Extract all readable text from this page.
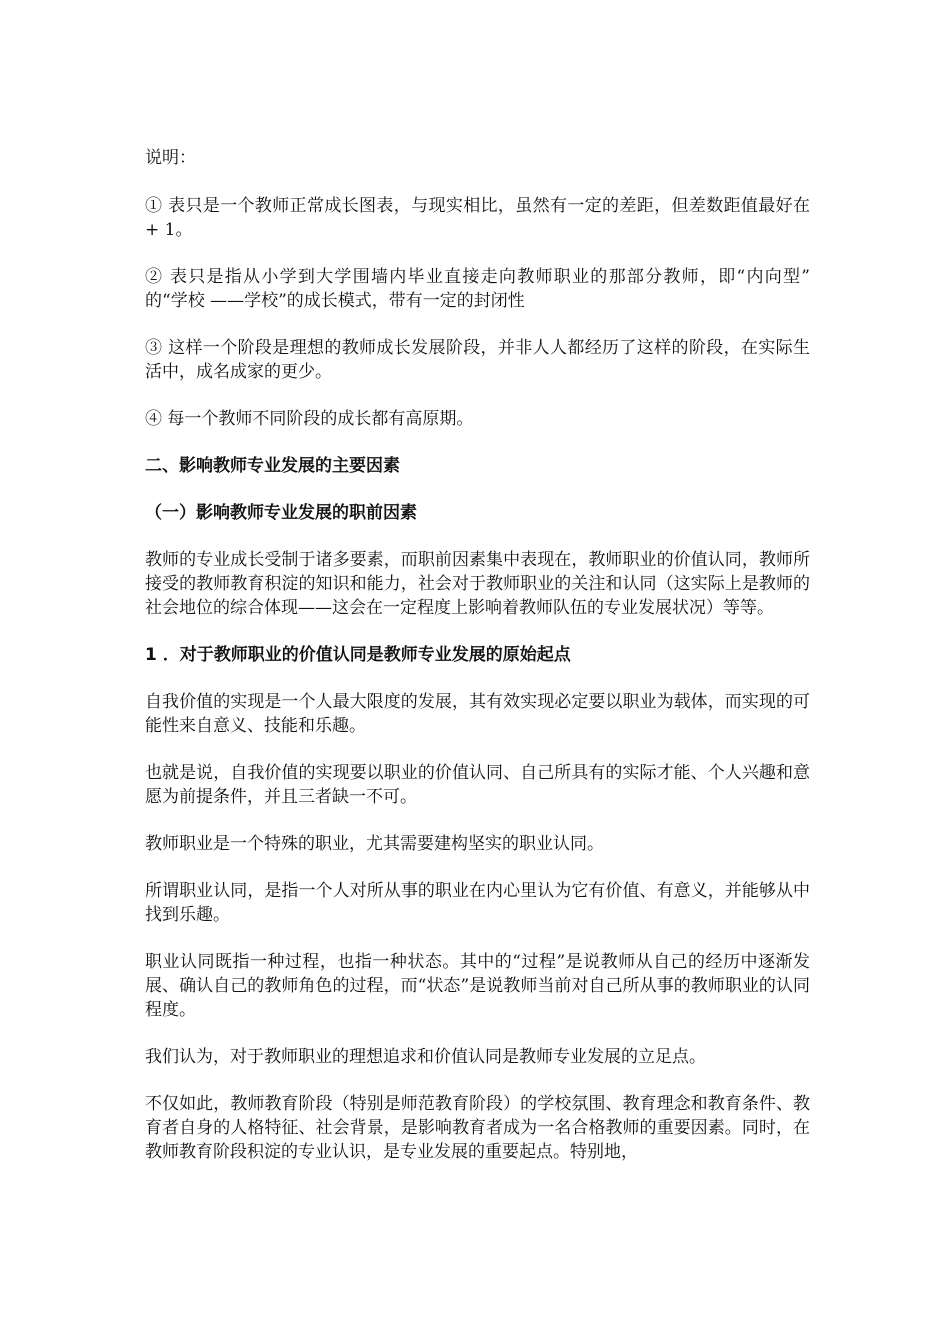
说明：

① 表只是一个教师正常成长图表，与现实相比，虽然有一定的差距，但差数距值最好在 + 1。

② 表只是指从小学到大学围墙内毕业直接走向教师职业的那部分教师，即“内向型” 的“学校 ——学校”的成长模式，带有一定的封闭性

③ 这样一个阶段是理想的教师成长发展阶段，并非人人都经历了这样的阶段，在实际生活中，成名成家的更少。

④ 每一个教师不同阶段的成长都有高原期。

二、影响教师专业发展的主要因素

（一）影响教师专业发展的职前因素

教师的专业成长受制于诸多要素，而职前因素集中表现在，教师职业的价值认同，教师所接受的教师教育积淀的知识和能力，社会对于教师职业的关注和认同（这实际上是教师的社会地位的综合体现——这会在一定程度上影响着教师队伍的专业发展状况）等等。

1 ．对于教师职业的价值认同是教师专业发展的原始起点

自我价值的实现是一个人最大限度的发展，其有效实现必定要以职业为载体，而实现的可能性来自意义、技能和乐趣。

也就是说，自我价值的实现要以职业的价值认同、自己所具有的实际才能、个人兴趣和意愿为前提条件，并且三者缺一不可。

教师职业是一个特殊的职业，尤其需要建构坚实的职业认同。

所谓职业认同，是指一个人对所从事的职业在内心里认为它有价值、有意义，并能够从中找到乐趣。

职业认同既指一种过程，也指一种状态。其中的“过程”是说教师从自己的经历中逐渐发展、确认自己的教师角色的过程，而“状态”是说教师当前对自己所从事的教师职业的认同程度。

我们认为，对于教师职业的理想追求和价值认同是教师专业发展的立足点。

不仅如此，教师教育阶段（特别是师范教育阶段）的学校氛围、教育理念和教育条件、教育者自身的人格特征、社会背景，是影响教育者成为一名合格教师的重要因素。同时，在教师教育阶段积淀的专业认识，是专业发展的重要起点。特别地，
